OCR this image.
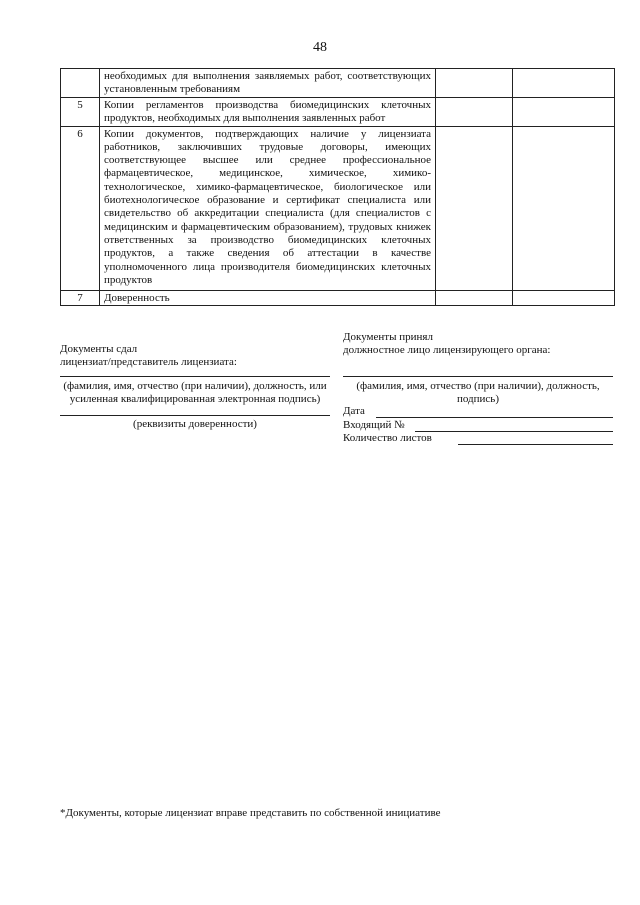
48
	необходимых для выполнения заявляемых работ, соответствующих установленным требованиям		
5	Копии регламентов производства биомедицинских клеточных продуктов, необходимых для выполнения заявленных работ		
6	Копии документов, подтверждающих наличие у лицензиата работников, заключивших трудовые договоры, имеющих соответствующее высшее или среднее профессиональное фармацевтическое, медицинское, химическое, химико-технологическое, химико-фармацевтическое, биологическое или биотехнологическое образование и сертификат специалиста или свидетельство об аккредитации специалиста (для специалистов с медицинским и фармацевтическим образованием), трудовых книжек ответственных за производство биомедицинских клеточных продуктов, а также сведения об аттестации в качестве уполномоченного лица производителя биомедицинских клеточных продуктов		
7	Доверенность		
Документы сдал
лицензиат/представитель лицензиата:
(фамилия, имя, отчество (при наличии), должность, или усиленная квалифицированная электронная подпись)
(реквизиты доверенности)
Документы принял
должностное лицо лицензирующего органа:
(фамилия, имя, отчество (при наличии), должность, подпись)
Дата
Входящий №
Количество листов
*Документы, которые лицензиат вправе представить по собственной инициативе
